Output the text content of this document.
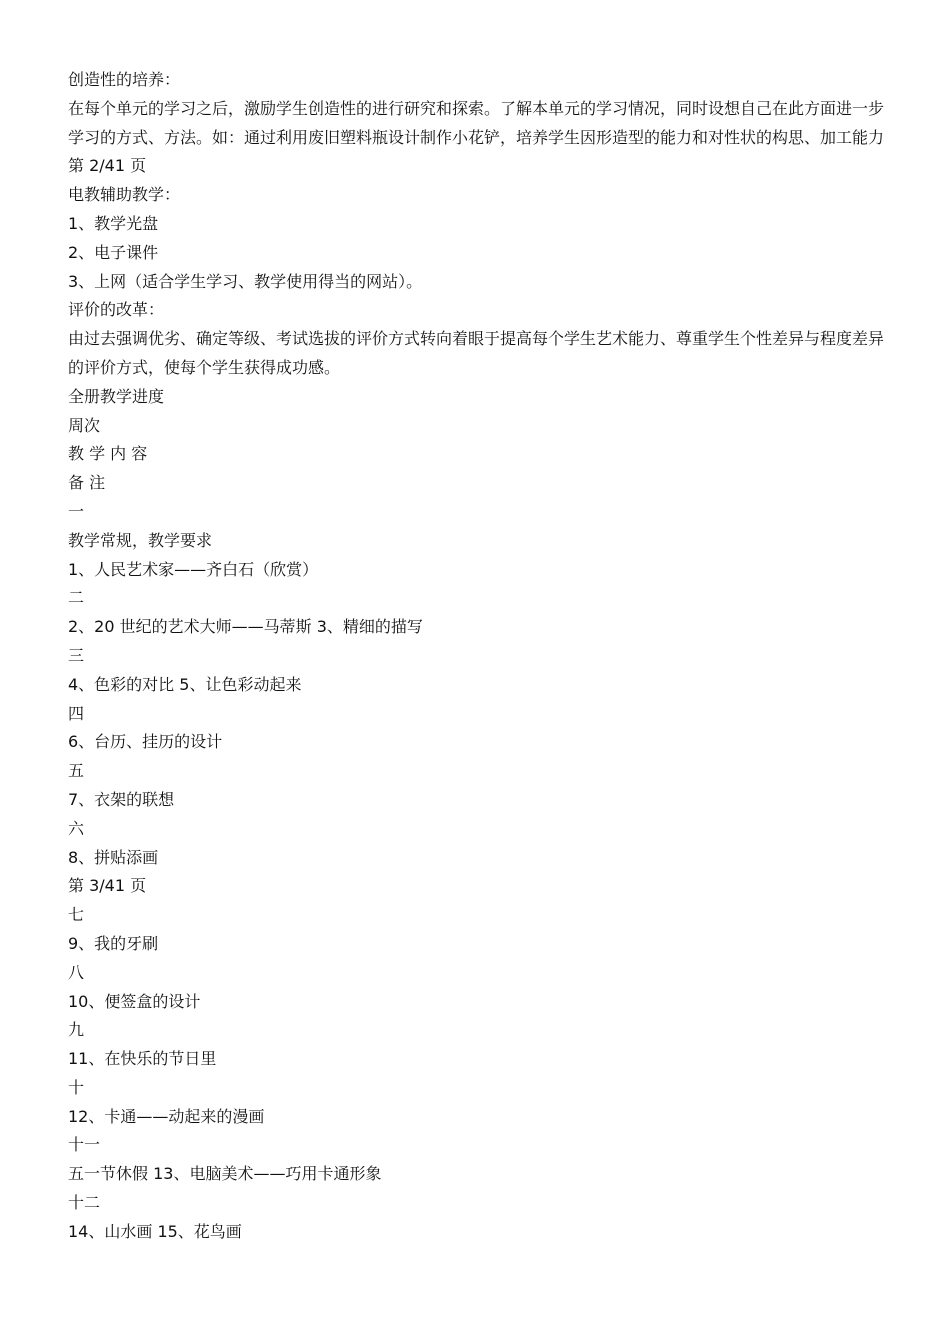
创造性的培养：
在每个单元的学习之后，激励学生创造性的进行研究和探索。了解本单元的学习情况，同时设想自己在此方面进一步学习的方式、方法。如：通过利用废旧塑料瓶设计制作小花铲，培养学生因形造型的能力和对性状的构思、加工能力
第 2/41 页
电教辅助教学：
1、教学光盘
2、电子课件
3、上网（适合学生学习、教学使用得当的网站）。
评价的改革：
由过去强调优劣、确定等级、考试选拔的评价方式转向着眼于提高每个学生艺术能力、尊重学生个性差异与程度差异的评价方式，使每个学生获得成功感。
全册教学进度
周次
教 学 内 容
备 注
一
教学常规，教学要求
1、人民艺术家——齐白石（欣赏）
二
2、20 世纪的艺术大师——马蒂斯 3、精细的描写
三
4、色彩的对比 5、让色彩动起来
四
6、台历、挂历的设计
五
7、衣架的联想
六
8、拼贴添画
第 3/41 页
七
9、我的牙刷
八
10、便签盒的设计
九
11、在快乐的节日里
十
12、卡通——动起来的漫画
十一
五一节休假 13、电脑美术——巧用卡通形象
十二
14、山水画 15、花鸟画
